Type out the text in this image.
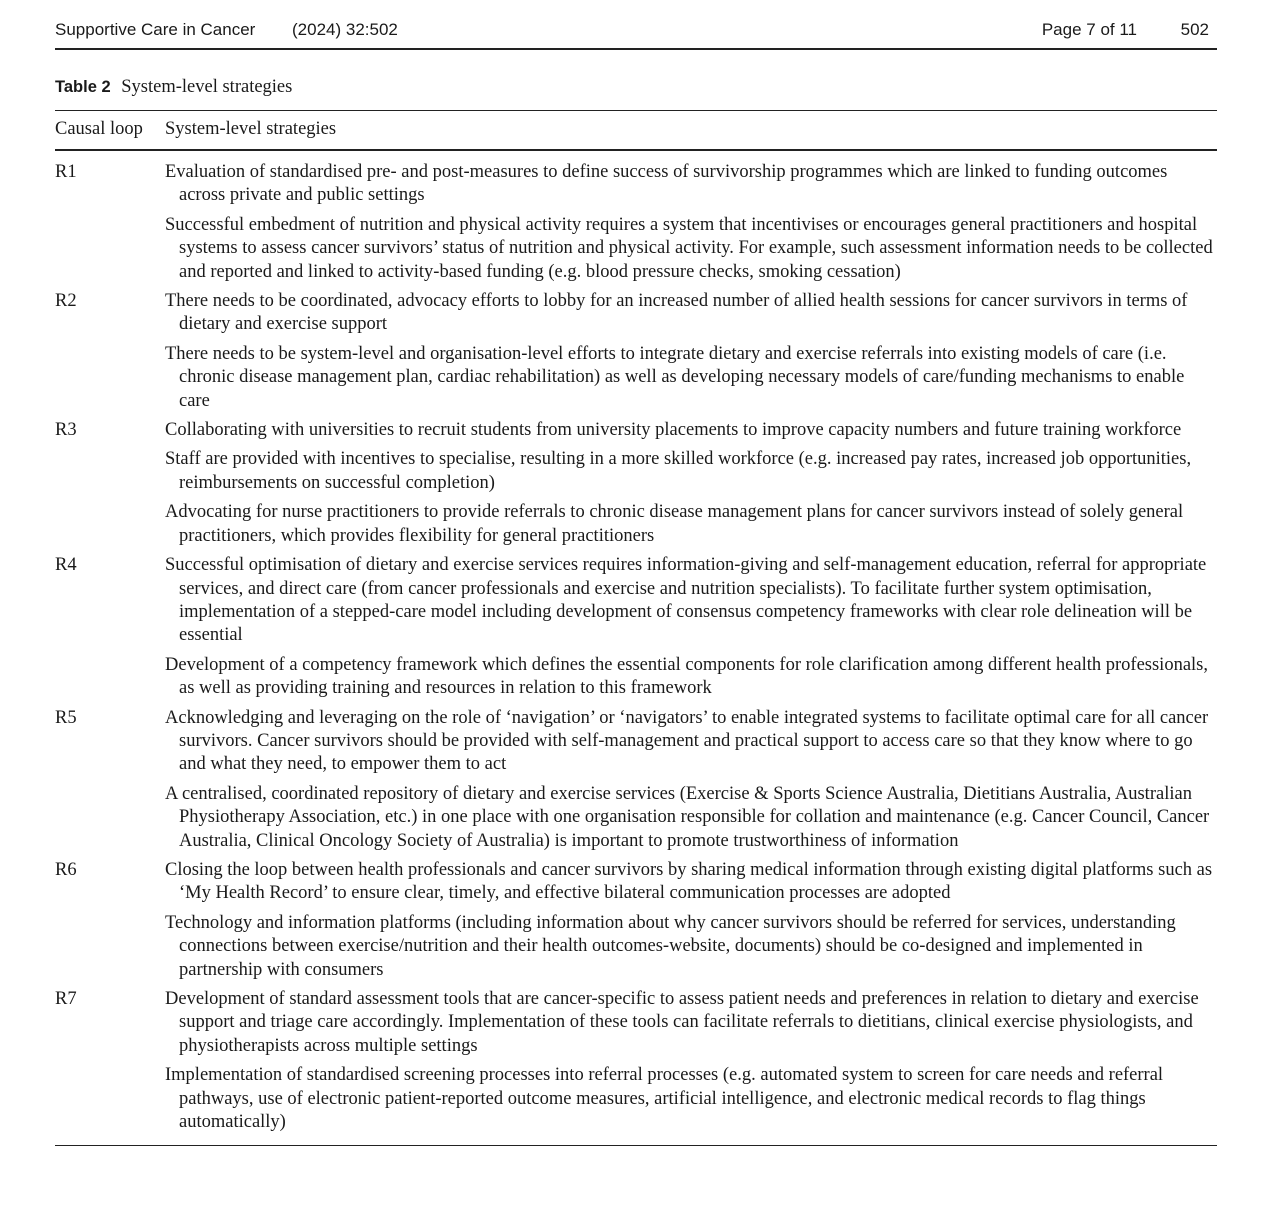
Supportive Care in Cancer (2024) 32:502	Page 7 of 11	502
Table 2 System-level strategies
Causal loop	System-level strategies
R1	Evaluation of standardised pre- and post-measures to define success of survivorship programmes which are linked to funding outcomes across private and public settings
Successful embedment of nutrition and physical activity requires a system that incentivises or encourages general practitioners and hospital systems to assess cancer survivors’ status of nutrition and physical activity. For example, such assessment information needs to be collected and reported and linked to activity-based funding (e.g. blood pressure checks, smoking cessation)
R2	There needs to be coordinated, advocacy efforts to lobby for an increased number of allied health sessions for cancer survivors in terms of dietary and exercise support
There needs to be system-level and organisation-level efforts to integrate dietary and exercise referrals into existing models of care (i.e. chronic disease management plan, cardiac rehabilitation) as well as developing necessary models of care/funding mechanisms to enable care
R3	Collaborating with universities to recruit students from university placements to improve capacity numbers and future training workforce
Staff are provided with incentives to specialise, resulting in a more skilled workforce (e.g. increased pay rates, increased job opportunities, reimbursements on successful completion)
Advocating for nurse practitioners to provide referrals to chronic disease management plans for cancer survivors instead of solely general practitioners, which provides flexibility for general practitioners
R4	Successful optimisation of dietary and exercise services requires information-giving and self-management education, referral for appropriate services, and direct care (from cancer professionals and exercise and nutrition specialists). To facilitate further system optimisation, implementation of a stepped-care model including development of consensus competency frameworks with clear role delineation will be essential
Development of a competency framework which defines the essential components for role clarification among different health professionals, as well as providing training and resources in relation to this framework
R5	Acknowledging and leveraging on the role of ‘navigation’ or ‘navigators’ to enable integrated systems to facilitate optimal care for all cancer survivors. Cancer survivors should be provided with self-management and practical support to access care so that they know where to go and what they need, to empower them to act
A centralised, coordinated repository of dietary and exercise services (Exercise & Sports Science Australia, Dietitians Australia, Australian Physiotherapy Association, etc.) in one place with one organisation responsible for collation and maintenance (e.g. Cancer Council, Cancer Australia, Clinical Oncology Society of Australia) is important to promote trustworthiness of information
R6	Closing the loop between health professionals and cancer survivors by sharing medical information through existing digital platforms such as ‘My Health Record’ to ensure clear, timely, and effective bilateral communication processes are adopted
Technology and information platforms (including information about why cancer survivors should be referred for services, understanding connections between exercise/nutrition and their health outcomes-website, documents) should be co-designed and implemented in partnership with consumers
R7	Development of standard assessment tools that are cancer-specific to assess patient needs and preferences in relation to dietary and exercise support and triage care accordingly. Implementation of these tools can facilitate referrals to dietitians, clinical exercise physiologists, and physiotherapists across multiple settings
Implementation of standardised screening processes into referral processes (e.g. automated system to screen for care needs and referral pathways, use of electronic patient-reported outcome measures, artificial intelligence, and electronic medical records to flag things automatically)
